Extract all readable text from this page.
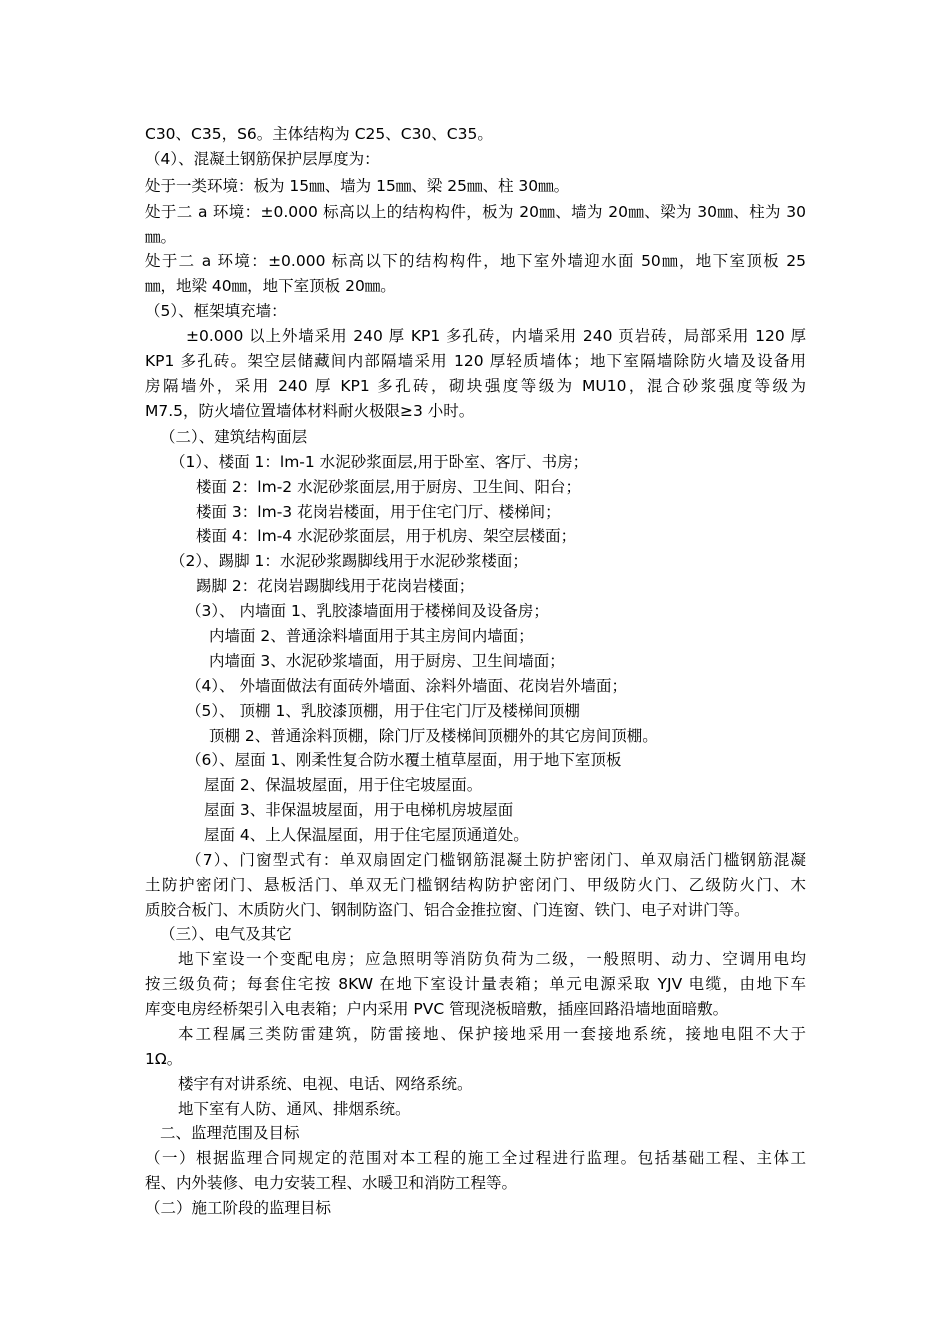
C30、C35，S6。主体结构为 C25、C30、C35。
（4）、混凝土钢筋保护层厚度为：
处于一类环境：板为 15㎜、墙为 15㎜、梁 25㎜、柱 30㎜。
处于二 a 环境：±0.000 标高以上的结构构件，板为 20㎜、墙为 20㎜、梁为 30㎜、柱为 30
㎜。
处于二 a 环境：±0.000 标高以下的结构构件，地下室外墙迎水面 50㎜，地下室顶板 25
㎜，地梁 40㎜，地下室顶板 20㎜。
（5）、框架填充墙：
±0.000 以上外墙采用 240 厚 KP1 多孔砖，内墙采用 240 页岩砖，局部采用 120 厚
KP1 多孔砖。架空层储藏间内部隔墙采用 120 厚轻质墙体；地下室隔墙除防火墙及设备用
房隔墙外，采用 240 厚 KP1 多孔砖，砌块强度等级为 MU10，混合砂浆强度等级为
M7.5，防火墙位置墙体材料耐火极限≥3 小时。
（二）、建筑结构面层
（1）、楼面 1：lm-1 水泥砂浆面层,用于卧室、客厅、书房；
楼面 2：lm-2 水泥砂浆面层,用于厨房、卫生间、阳台；
楼面 3：lm-3 花岗岩楼面，用于住宅门厅、楼梯间；
楼面 4：lm-4 水泥砂浆面层，用于机房、架空层楼面；
（2）、踢脚 1：水泥砂浆踢脚线用于水泥砂浆楼面；
踢脚 2：花岗岩踢脚线用于花岗岩楼面；
（3）、 内墙面 1、乳胶漆墙面用于楼梯间及设备房；
内墙面 2、普通涂料墙面用于其主房间内墙面；
内墙面 3、水泥砂浆墙面，用于厨房、卫生间墙面；
（4）、 外墙面做法有面砖外墙面、涂料外墙面、花岗岩外墙面；
（5）、 顶棚 1、乳胶漆顶棚，用于住宅门厅及楼梯间顶棚
顶棚 2、普通涂料顶棚，除门厅及楼梯间顶棚外的其它房间顶棚。
（6）、屋面 1、刚柔性复合防水覆土植草屋面，用于地下室顶板
屋面 2、保温坡屋面，用于住宅坡屋面。
屋面 3、非保温坡屋面，用于电梯机房坡屋面
屋面 4、上人保温屋面，用于住宅屋顶通道处。
（7）、门窗型式有：单双扇固定门槛钢筋混凝土防护密闭门、单双扇活门槛钢筋混凝
土防护密闭门、悬板活门、单双无门槛钢结构防护密闭门、甲级防火门、乙级防火门、木
质胶合板门、木质防火门、钢制防盗门、铝合金推拉窗、门连窗、铁门、电子对讲门等。
（三）、电气及其它
地下室设一个变配电房；应急照明等消防负荷为二级，一般照明、动力、空调用电均
按三级负荷；每套住宅按 8KW 在地下室设计量表箱；单元电源采取 YJV 电缆，由地下车
库变电房经桥架引入电表箱；户内采用 PVC 管现浇板暗敷，插座回路沿墙地面暗敷。
本工程属三类防雷建筑，防雷接地、保护接地采用一套接地系统，接地电阻不大于
1Ω。
楼宇有对讲系统、电视、电话、网络系统。
地下室有人防、通风、排烟系统。
二、监理范围及目标
（一）根据监理合同规定的范围对本工程的施工全过程进行监理。包括基础工程、主体工
程、内外装修、电力安装工程、水暖卫和消防工程等。
（二）施工阶段的监理目标
